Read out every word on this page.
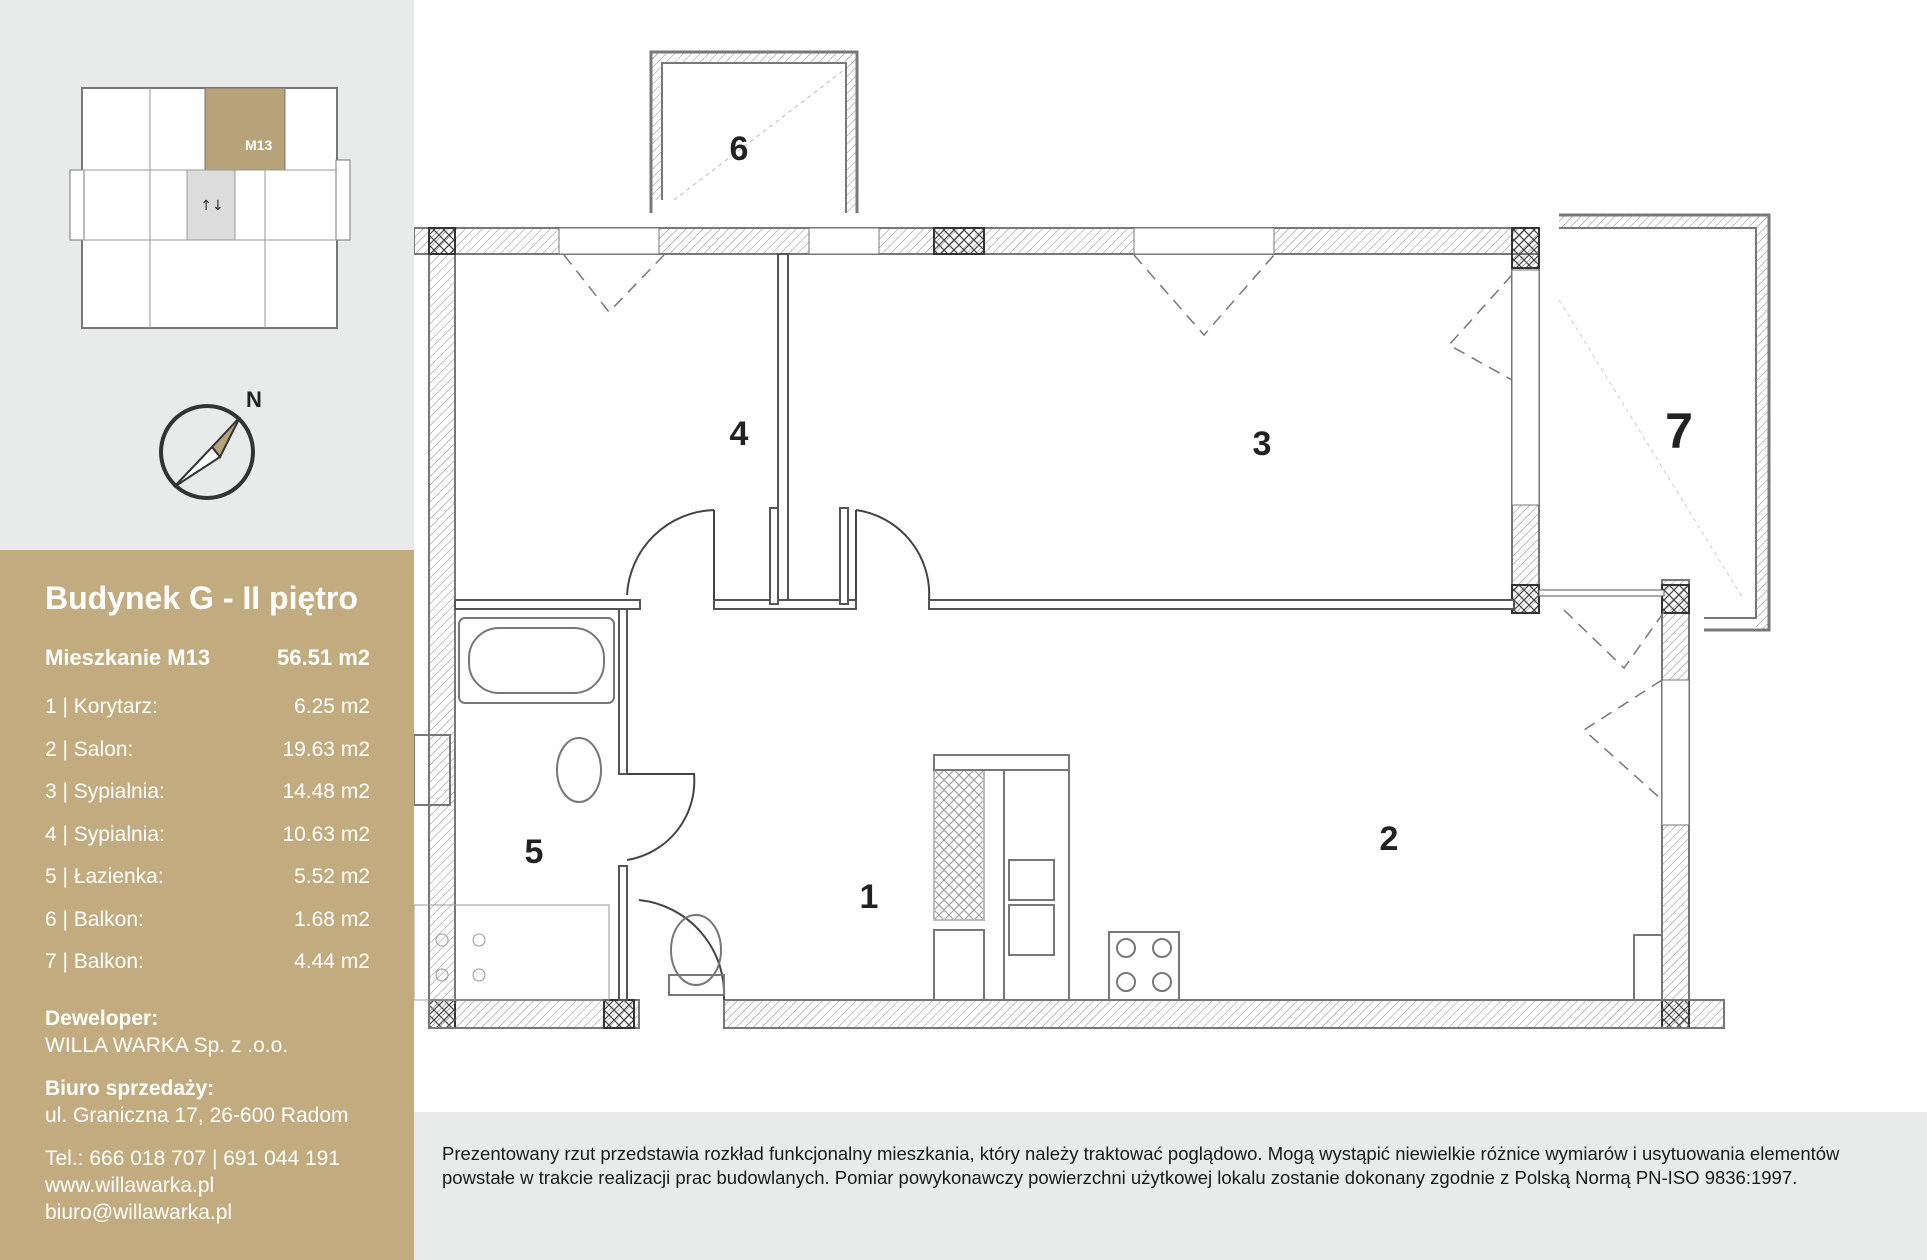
↑↓
M13
N
Budynek G - II piętro
Mieszkanie M13	56.51 m2
1 | Korytarz:	6.25 m2
2 | Salon:	19.63 m2
3 | Sypialnia:	14.48 m2
4 | Sypialnia:	10.63 m2
5 | Łazienka:	5.52 m2
6 | Balkon:	1.68 m2
7 | Balkon:	4.44 m2
Deweloper:
WILLA WARKA Sp. z .o.o.
Biuro sprzedaży:
ul. Graniczna 17, 26-600 Radom
Tel.: 666 018 707 | 691 044 191
www.willawarka.pl
biuro@willawarka.pl
6
4	3	7
2
5
1

Prezentowany rzut przedstawia rozkład funkcjonalny mieszkania, który należy traktować poglądowo. Mogą wystąpić niewielkie różnice wymiarów i usytuowania elementów powstałe w trakcie realizacji prac budowlanych. Pomiar powykonawczy powierzchni użytkowej lokalu zostanie dokonany zgodnie z Polską Normą PN-ISO 9836:1997.
